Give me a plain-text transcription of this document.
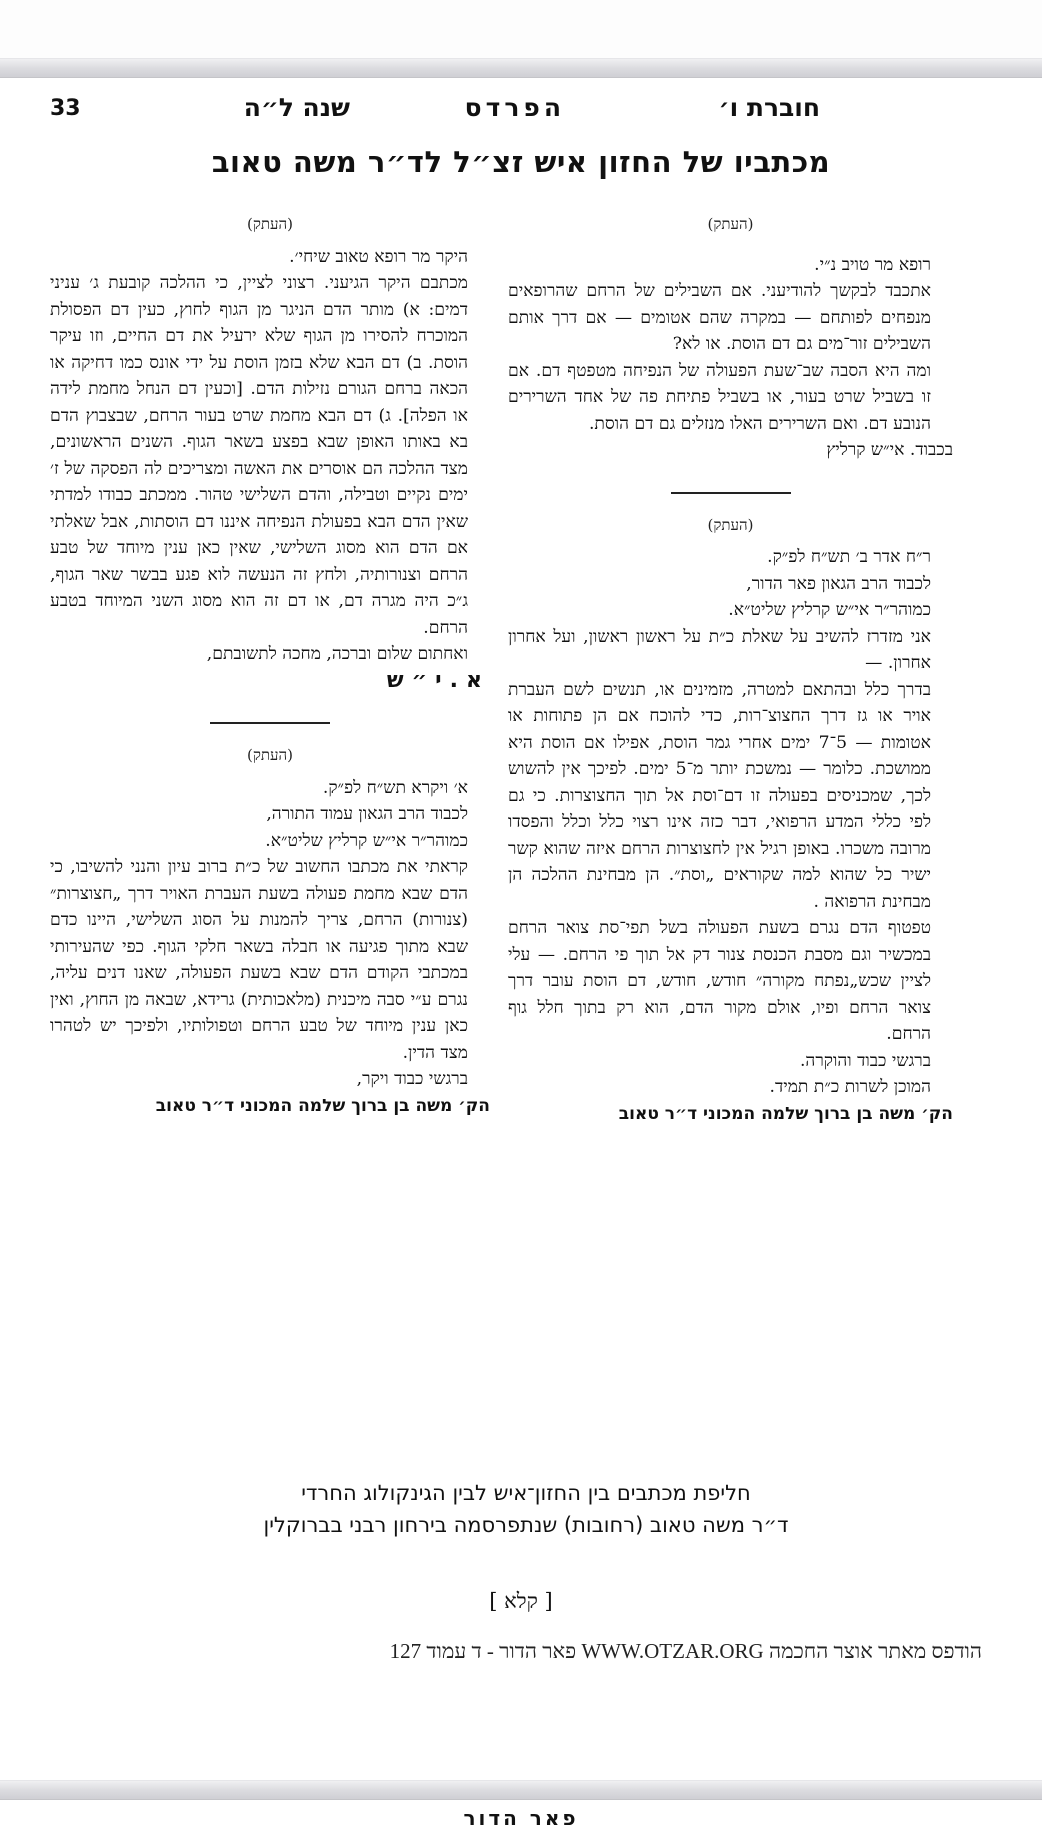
חוברת ו׳
הפרדס
שנה ל״ה
33
מכתביו של החזון איש זצ״ל לד״ר משה טאוב
(העתק)

רופא מר טויב נ״י.

אתכבד לבקשך להודיעני. אם השבילים של הרחם שהרופאים מנפחים לפותחם — במקרה שהם אטומים — אם דרך אותם השבילים זור־מים גם דם הוסת. או לא?

ומה היא הסבה שב־שעת הפעולה של הנפיחה מטפטף דם. אם זו בשביל שרט בעור, או בשביל פתיחת פה של אחד השרירים הנובע דם. ואם השרירים האלו מנזלים גם דם הוסת.

בכבוד. אי״ש קרליץ

(העתק)

ר״ח אדר ב׳ תש״ח לפ״ק.

לכבוד הרב הגאון פאר הדור,

כמוהר״ר אי״ש קרליץ שליט״א.

אני מזדרז להשיב על שאלת כ״ת על ראשון ראשון, ועל אחרון אחרון. —

בדרך כלל ובהתאם למטרה, מזמינים או, תנשים לשם העברת אויר או גז דרך החצוצ־רות, כדי להוכח אם הן פתוחות או אטומות — 5־7 ימים אחרי גמר הוסת, אפילו אם הוסת היא ממושכת. כלומר — נמשכת יותר מ־5 ימים. לפיכך אין להשוש לכך, שמכניסים בפעולה זו דם־וסת אל תוך החצוצרות. כי גם לפי כללי המדע הרפואי, דבר כזה אינו רצוי כלל וכלל והפסדו מרובה משכרו. באופן רגיל אין לחצוצרות הרחם איזה שהוא קשר ישיר כל שהוא למה שקוראים „וסת״. הן מבחינת ההלכה הן מבחינת הרפואה .

טפטוף הדם נגרם בשעת הפעולה בשל תפי־סת צואר הרחם במכשיר וגם מסבת הכנסת צנור דק אל תוך פי הרחם. — עלי לציין שכש„נפתח מקורה״ חודש, חודש, דם הוסת עובר דרך צואר הרחם ופיו, אולם מקור הדם, הוא רק בתוך חלל גוף הרחם.

ברגשי כבוד והוקרה.

המוכן לשרות כ״ת תמיד.

הק׳ משה בן ברוך שלמה המכוני ד״ר טאוב

(העתק)

היקר מר רופא טאוב שיחי׳.

מכתבם היקר הגיעני. רצוני לציין, כי ההלכה קובעת ג׳ עניני דמים: א) מותר הדם הניגר מן הגוף לחוץ, כעין דם הפסולת המוכרח להסירו מן הגוף שלא ירעיל את דם החיים, וזו עיקר הוסת. ב) דם הבא שלא בזמן הוסת על ידי אונס כמו דחיקה או הכאה ברחם הגורם נזילות הדם. [וכעין דם הנחל מחמת לידה או הפלה]. ג) דם הבא מחמת שרט בעור הרחם, שבצבוץ הדם בא באותו האופן שבא בפצע בשאר הגוף. השנים הראשונים, מצד ההלכה הם אוסרים את האשה ומצריכים לה הפסקה של ז׳ ימים נקיים וטבילה, והדם השלישי טהור. ממכתב כבודו למדתי שאין הדם הבא בפעולת הנפיחה איננו דם הוסתות, אבל שאלתי אם הדם הוא מסוג השלישי, שאין כאן ענין מיוחד של טבע הרחם וצנורותיה, ולחץ זה הנעשה לוא פגע בבשר שאר הגוף, ג״כ היה מגרה דם, או דם זה הוא מסוג השני המיוחד בטבע הרחם.

ואחתום שלום וברכה, מחכה לתשובתם,

א.י״ש

(העתק)

א׳ ויקרא תש״ח לפ״ק.

לכבוד הרב הגאון עמוד התורה,

כמוהר״ר אי״ש קרליץ שליט״א.

קראתי את מכתבו החשוב של כ״ת ברוב עיון והנני להשיבו, כי הדם שבא מחמת פעולה בשעת העברת האויר דרך „חצוצרות״ (צנורות) הרחם, צריך להמנות על הסוג השלישי, היינו כדם שבא מתוך פגיעה או חבלה בשאר חלקי הגוף. כפי שהעירותי במכתבי הקודם הדם שבא בשעת הפעולה, שאנו דנים עליה, נגרם ע״י סבה מיכנית (מלאכותית) גרידא, שבאה מן החוץ, ואין כאן ענין מיוחד של טבע הרחם וטפולותיו, ולפיכך יש לטהרו מצד הדין.

ברגשי כבוד ויקר,

הק׳ משה בן ברוך שלמה המכוני ד״ר טאוב

חליפת מכתבים בין החזון־איש לבין הגינקולוג החרדי
ד״ר משה טאוב (רחובות) שנתפרסמה בירחון רבני בברוקלין
[ קלא ]
הודפס מאתר אוצר החכמה WWW.OTZAR.ORG פאר הדור - ד עמוד 127
פאר הדור
